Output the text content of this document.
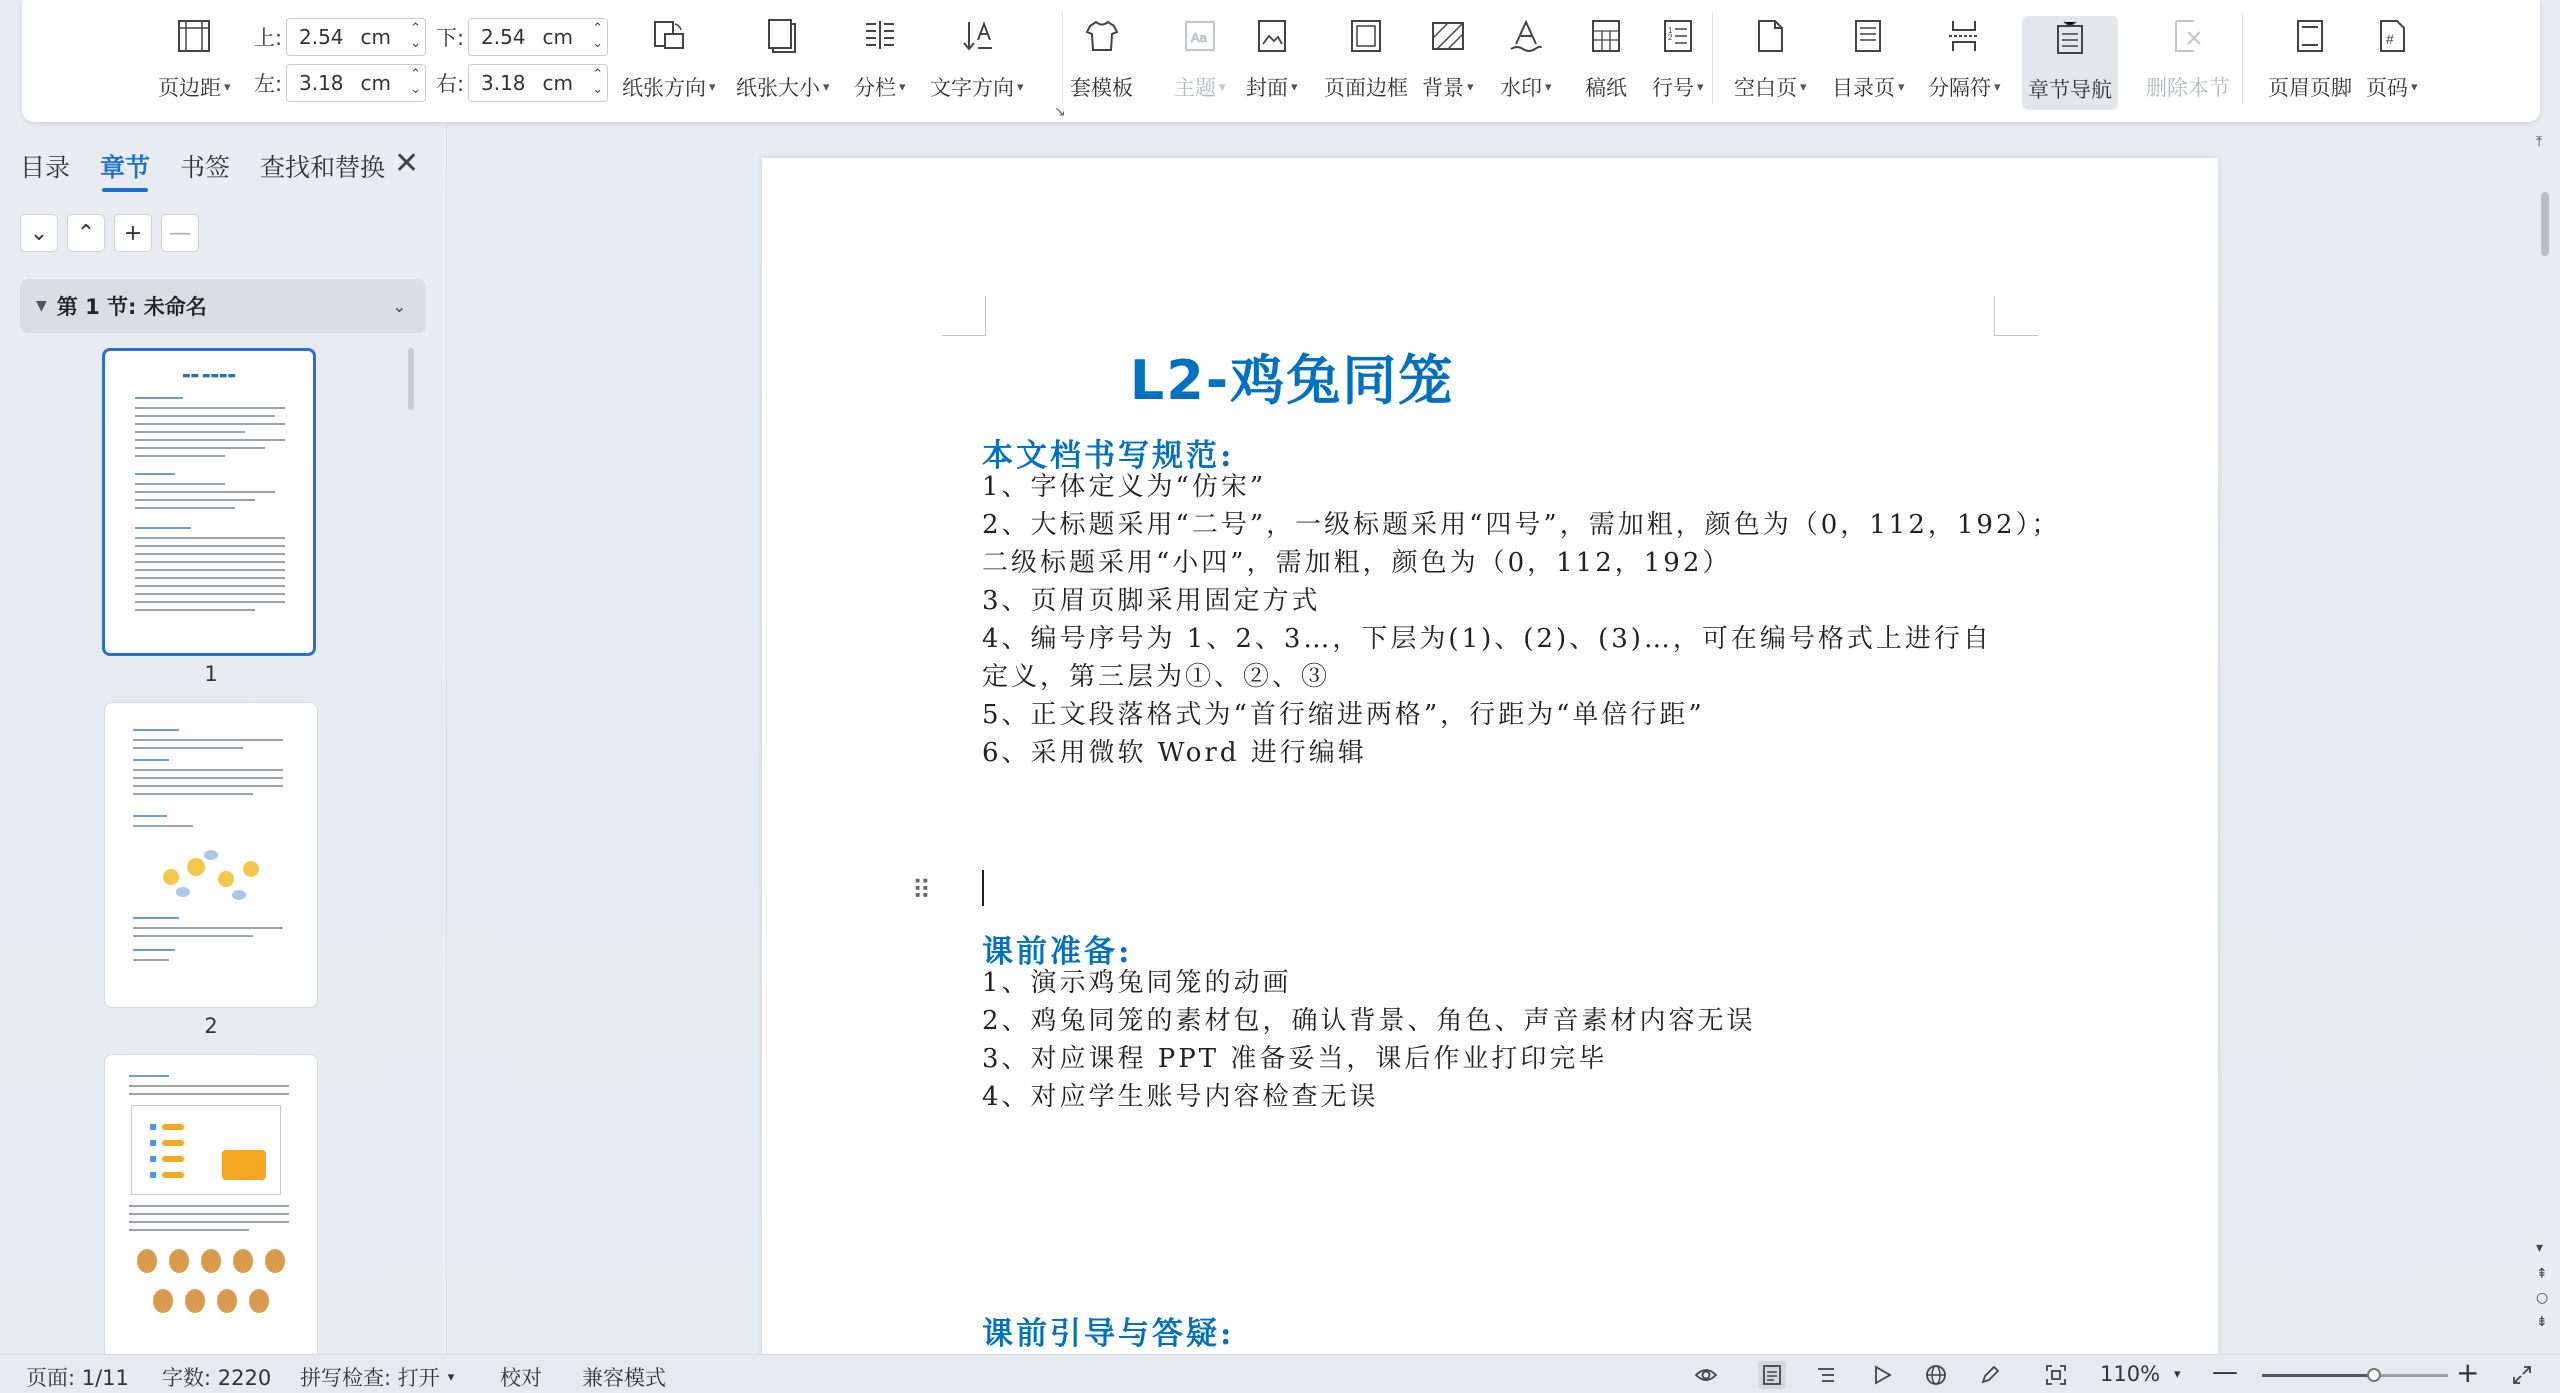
页边距 ▾
上: 2.54 cm ⌃
⌄
左: 3.18 cm ⌃
⌄
下: 2.54 cm ⌃
⌄
右: 3.18 cm ⌃
⌄ 纸张方向 ▾ 纸张大小 ▾ 分栏 ▾ 文字方向 ▾
↘
套模板
Aa
主题 ▾ 封面 ▾ 页面边框 背景 ▾ 水印 ▾ 稿纸
1
2
行号 ▾ 空白页 ▾ 目录页 ▾ 分隔符 ▾ 章节导航 删除本节 页眉页脚
#
页码 ▾
目录 章节 书签 查找和替换 ✕
⌄	⌃	+	—
▼ 第 1 节: 未命名	⌄
▬▬ ▬▬▬▬
1
2
L2-鸡兔同笼
本文档书写规范:
1、字体定义为“仿宋”
2、大标题采用“二号”，一级标题采用“四号”，需加粗，颜色为（0，112，192）；
二级标题采用“小四”，需加粗，颜色为（0，112，192）
3、页眉页脚采用固定方式
4、编号序号为 1、2、3…，下层为(1)、(2)、(3)…，可在编号格式上进行自
定义，第三层为①、②、③
5、正文段落格式为“首行缩进两格”，行距为“单倍行距”
6、采用微软 Word 进行编辑
课前准备:
1、演示鸡兔同笼的动画
2、鸡兔同笼的素材包，确认背景、角色、声音素材内容无误
3、对应课程 PPT 准备妥当，课后作业打印完毕
4、对应学生账号内容检查无误
课前引导与答疑:
⠿
⤒
▾
⇞
○
⇟
页面: 1/11 字数: 2220 拼写检查: 打开 ▾ 校对 兼容模式	110% ▾ —	+
